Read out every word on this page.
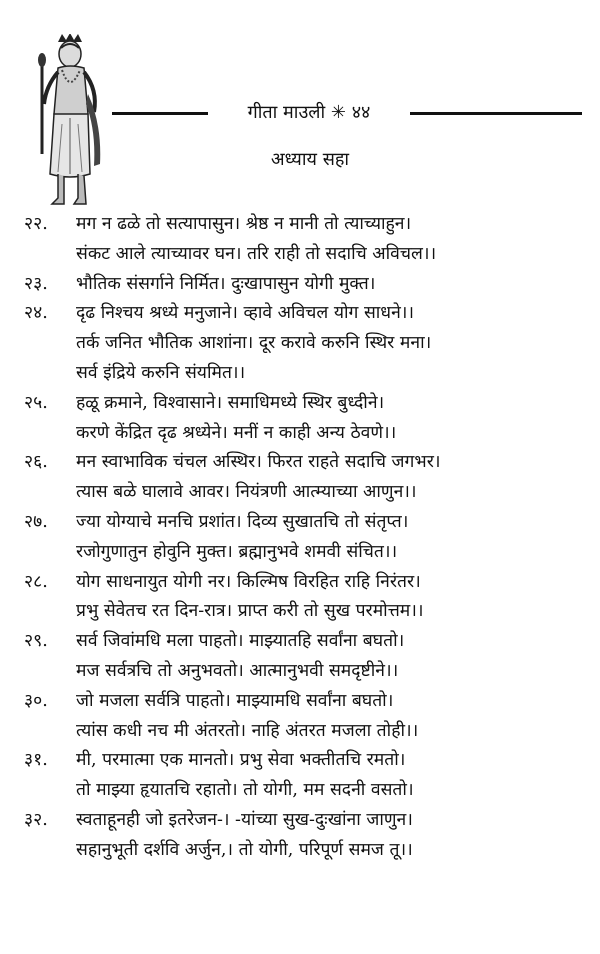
गीता माउली ✳ ४४
अध्याय सहा
२२.	मग न ढळे तो सत्यापासुन। श्रेष्ठ न मानी तो त्याच्याहुन।
संकट आले त्याच्यावर घन। तरि राही तो सदाचि अविचल।।
२३.	भौतिक संसर्गाने निर्मित। दुःखापासुन योगी मुक्त।
२४.	दृढ निश्चय श्रध्ये मनुजाने। व्हावे अविचल योग साधने।।
तर्क जनित भौतिक आशांना। दूर करावे करुनि स्थिर मना।
सर्व इंद्रिये करुनि संयमित।।
२५.	हळू क्रमाने, विश्वासाने। समाधिमध्ये स्थिर बुध्दीने।
करणे केंद्रित दृढ श्रध्येने। मनीं न काही अन्य ठेवणे।।
२६.	मन स्वाभाविक चंचल अस्थिर। फिरत राहते सदाचि जगभर।
त्यास बळे घालावे आवर। नियंत्रणी आत्म्याच्या आणुन।।
२७.	ज्या योग्याचे मनचि प्रशांत। दिव्य सुखातचि तो संतृप्त।
रजोगुणातुन होवुनि मुक्त। ब्रह्मानुभवे शमवी संचित।।
२८.	योग साधनायुत योगी नर। किल्मिष विरहित राहि निरंतर।
प्रभु सेवेतच रत दिन-रात्र। प्राप्त करी तो सुख परमोत्तम।।
२९.	सर्व जिवांमधि मला पाहतो। माझ्यातहि सर्वांना बघतो।
मज सर्वत्रचि तो अनुभवतो। आत्मानुभवी समदृष्टीने।।
३०.	जो मजला सर्वत्रि पाहतो। माझ्यामधि सर्वांना बघतो।
त्यांस कधी नच मी अंतरतो। नाहि अंतरत मजला तोही।।
३१.	मी, परमात्मा एक मानतो। प्रभु सेवा भक्तीतचि रमतो।
तो माझ्या हृयातचि रहातो। तो योगी, मम सदनी वसतो।
३२.	स्वताहूनही जो इतरेजन-। -यांच्या सुख-दुःखांना जाणुन।
सहानुभूती दर्शवि अर्जुन,। तो योगी, परिपूर्ण समज तू।।
